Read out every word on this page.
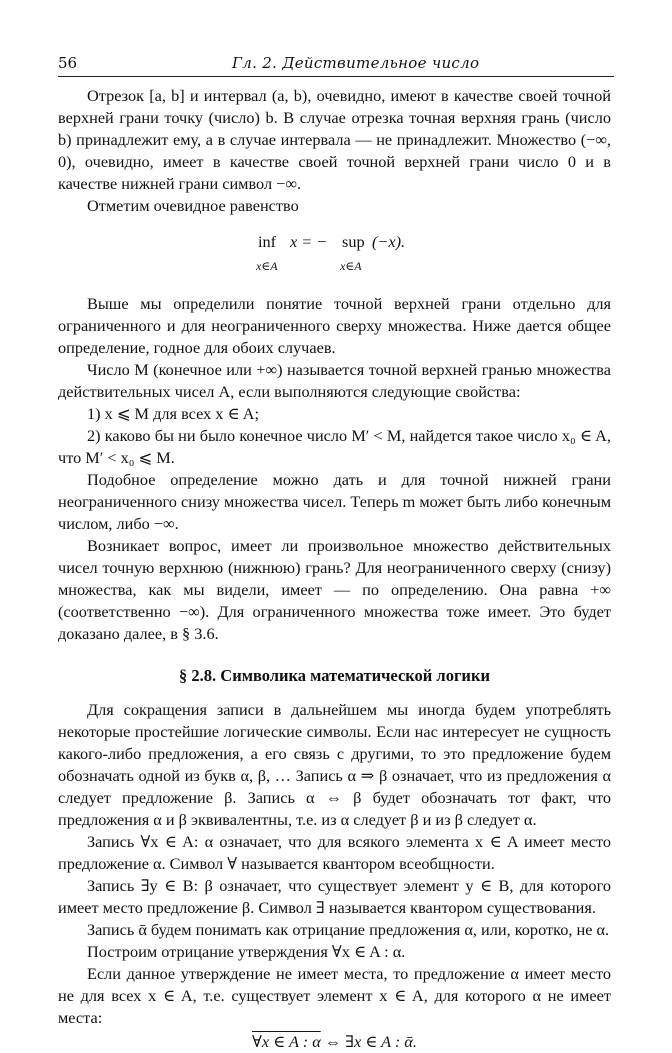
56	Гл. 2. Действительное число

Отрезок [a, b] и интервал (a, b), очевидно, имеют в качестве своей точной верхней грани точку (число) b. В случае отрезка точная верхняя грань (число b) принадлежит ему, а в случае интервала — не принадлежит. Множество (−∞, 0), очевидно, имеет в качестве своей точной верхней грани число 0 и в качестве нижней грани символ −∞.

Отметим очевидное равенство

inf
x∈A
x = − sup
x∈A
(−x).

Выше мы определили понятие точной верхней грани отдельно для ограниченного и для неограниченного сверху множества. Ниже дается общее определение, годное для обоих случаев.

Число M (конечное или +∞) называется точной верхней гранью множества действительных чисел A, если выполняются следующие свойства:

1) x ⩽ M для всех x ∈ A;

2) каково бы ни было конечное число M′ < M, найдется такое число x₀ ∈ A, что M′ < x₀ ⩽ M.

Подобное определение можно дать и для точной нижней грани неограниченного снизу множества чисел. Теперь m может быть либо конечным числом, либо −∞.

Возникает вопрос, имеет ли произвольное множество действительных чисел точную верхнюю (нижнюю) грань? Для неограниченного сверху (снизу) множества, как мы видели, имеет — по определению. Она равна +∞ (соответственно −∞). Для ограниченного множества тоже имеет. Это будет доказано далее, в § 3.6.

§ 2.8. Символика математической логики

Для сокращения записи в дальнейшем мы иногда будем употреблять некоторые простейшие логические символы. Если нас интересует не сущность какого-либо предложения, а его связь с другими, то это предложение будем обозначать одной из букв α, β, … Запись α ⇒ β означает, что из предложения α следует предложение β. Запись α ⇔ β будет обозначать тот факт, что предложения α и β эквивалентны, т.е. из α следует β и из β следует α.

Запись ∀x ∈ A: α означает, что для всякого элемента x ∈ A имеет место предложение α. Символ ∀ называется квантором всеобщности.

Запись ∃y ∈ B: β означает, что существует элемент y ∈ B, для которого имеет место предложение β. Символ ∃ называется квантором существования.

Запись ᾱ будем понимать как отрицание предложения α, или, коротко, не α.

Построим отрицание утверждения ∀x ∈ A : α.

Если данное утверждение не имеет места, то предложение α имеет место не для всех x ∈ A, т.е. существует элемент x ∈ A, для которого α не имеет места:

∀x ∈ A : α ⇔ ∃x ∈ A : ᾱ.
